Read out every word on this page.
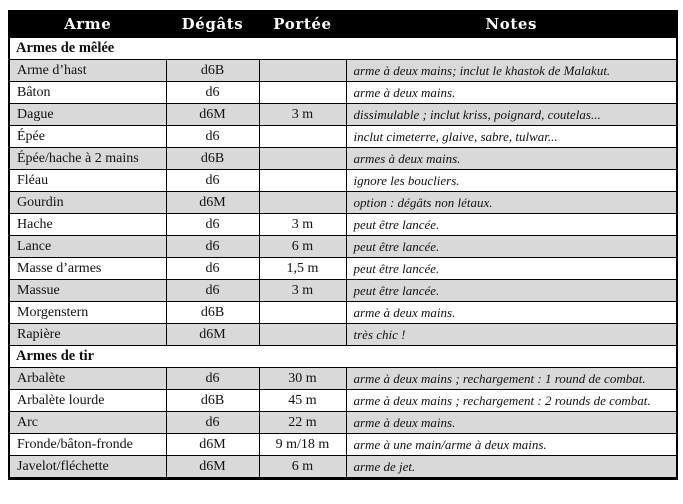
Arme	Dégâts	Portée	Notes
Armes de mêlée			
Arme d’hast	d6B		arme à deux mains; inclut le khastok de Malakut.
Bâton	d6		arme à deux mains.
Dague	d6M	3 m	dissimulable ; inclut kriss, poignard, coutelas...
Épée	d6		inclut cimeterre, glaive, sabre, tulwar...
Épée/hache à 2 mains	d6B		armes à deux mains.
Fléau	d6		ignore les boucliers.
Gourdin	d6M		option : dégâts non létaux.
Hache	d6	3 m	peut être lancée.
Lance	d6	6 m	peut être lancée.
Masse d’armes	d6	1,5 m	peut être lancée.
Massue	d6	3 m	peut être lancée.
Morgenstern	d6B		arme à deux mains.
Rapière	d6M		très chic !
Armes de tir			
Arbalète	d6	30 m	arme à deux mains ; rechargement : 1 round de combat.
Arbalète lourde	d6B	45 m	arme à deux mains ; rechargement : 2 rounds de combat.
Arc	d6	22 m	arme à deux mains.
Fronde/bâton-fronde	d6M	9 m/18 m	arme à une main/arme à deux mains.
Javelot/fléchette	d6M	6 m	arme de jet.
